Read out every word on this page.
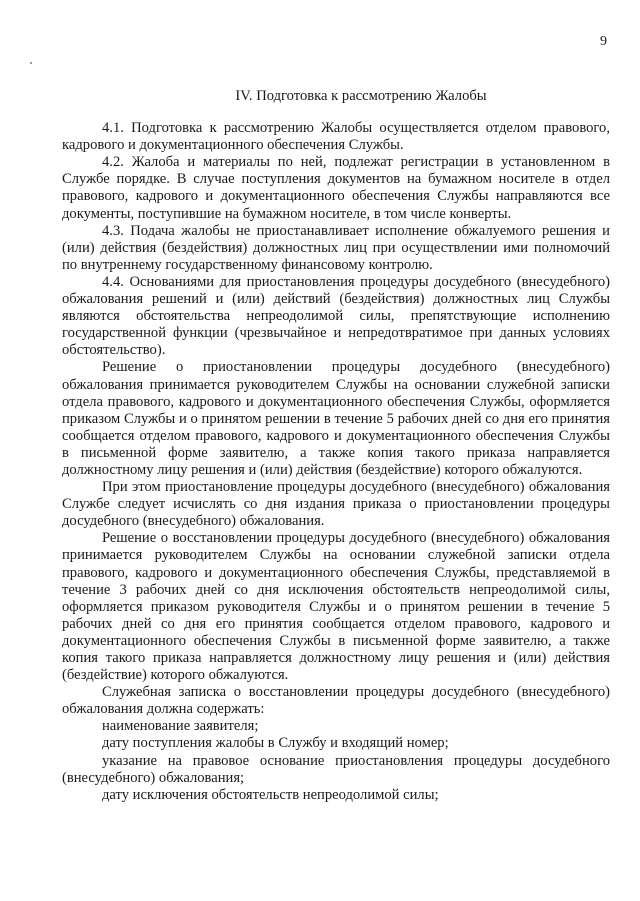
9

IV. Подготовка к рассмотрению Жалобы

4.1. Подготовка к рассмотрению Жалобы осуществляется отделом правового, кадрового и документационного обеспечения Службы.

4.2. Жалоба и материалы по ней, подлежат регистрации в установленном в Службе порядке. В случае поступления документов на бумажном носителе в отдел правового, кадрового и документационного обеспечения Службы направляются все документы, поступившие на бумажном носителе, в том числе конверты.

4.3. Подача жалобы не приостанавливает исполнение обжалуемого решения и (или) действия (бездействия) должностных лиц при осуществлении ими полномочий по внутреннему государственному финансовому контролю.

4.4. Основаниями для приостановления процедуры досудебного (внесудебного) обжалования решений и (или) действий (бездействия) должностных лиц Службы являются обстоятельства непреодолимой силы, препятствующие исполнению государственной функции (чрезвычайное и непредотвратимое при данных условиях обстоятельство).

Решение о приостановлении процедуры досудебного (внесудебного) обжалования принимается руководителем Службы на основании служебной записки отдела правового, кадрового и документационного обеспечения Службы, оформляется приказом Службы и о принятом решении в течение 5 рабочих дней со дня его принятия сообщается отделом правового, кадрового и документационного обеспечения Службы в письменной форме заявителю, а также копия такого приказа направляется должностному лицу решения и (или) действия (бездействие) которого обжалуются.

При этом приостановление процедуры досудебного (внесудебного) обжалования Службе следует исчислять со дня издания приказа о приостановлении процедуры досудебного (внесудебного) обжалования.

Решение о восстановлении процедуры досудебного (внесудебного) обжалования принимается руководителем Службы на основании служебной записки отдела правового, кадрового и документационного обеспечения Службы, представляемой в течение 3 рабочих дней со дня исключения обстоятельств непреодолимой силы, оформляется приказом руководителя Службы и о принятом решении в течение 5 рабочих дней со дня его принятия сообщается отделом правового, кадрового и документационного обеспечения Службы в письменной форме заявителю, а также копия такого приказа направляется должностному лицу решения и (или) действия (бездействие) которого обжалуются.

Служебная записка о восстановлении процедуры досудебного (внесудебного) обжалования должна содержать:

наименование заявителя;
дату поступления жалобы в Службу и входящий номер;
указание на правовое основание приостановления процедуры досудебного (внесудебного) обжалования;
дату исключения обстоятельств непреодолимой силы;
